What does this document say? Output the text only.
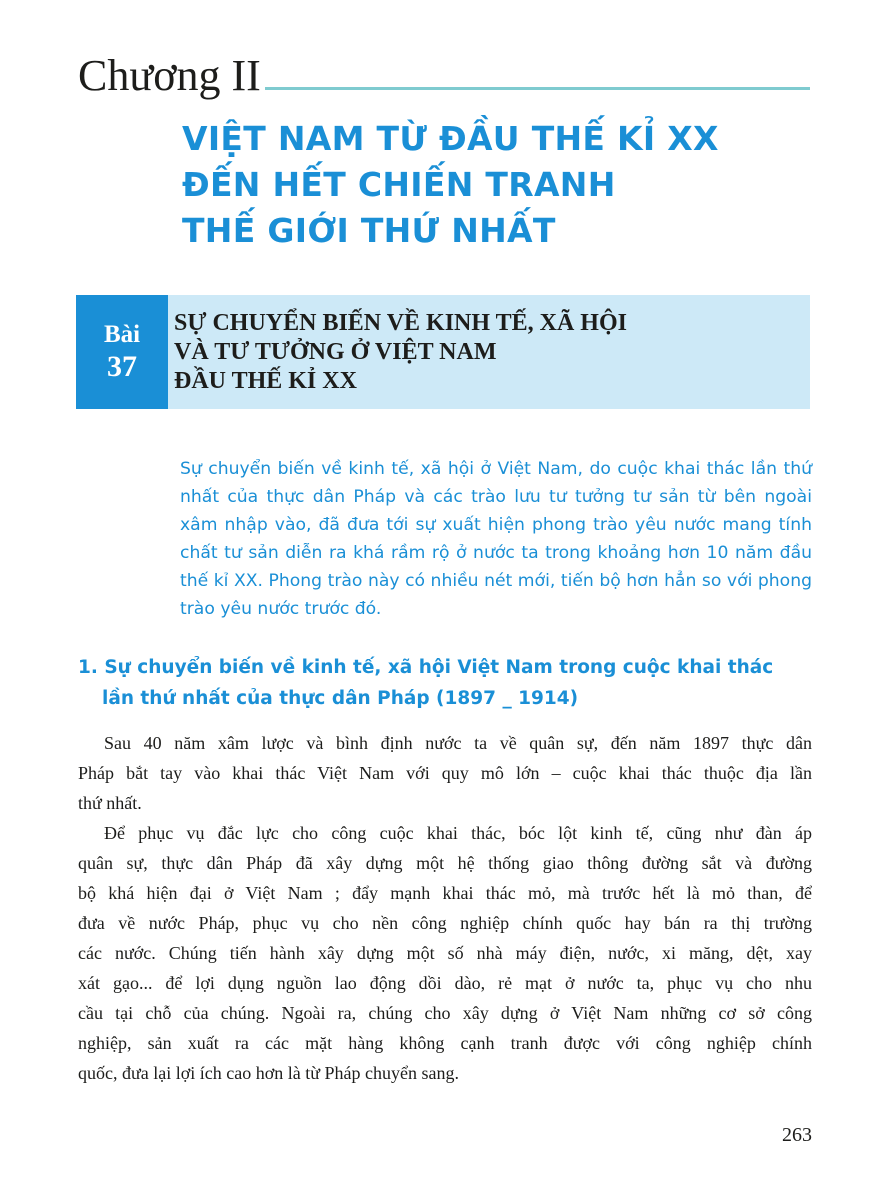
Chương II
VIỆT NAM TỪ ĐẦU THẾ KỈ XX
ĐẾN HẾT CHIẾN TRANH
THẾ GIỚI THỨ NHẤT
Bài
37
SỰ CHUYỂN BIẾN VỀ KINH TẾ, XÃ HỘI
VÀ TƯ TƯỞNG Ở VIỆT NAM
ĐẦU THẾ KỈ XX
Sự chuyển biến về kinh tế, xã hội ở Việt Nam, do cuộc khai thác lần thứ nhất của thực dân Pháp và các trào lưu tư tưởng tư sản từ bên ngoài xâm nhập vào, đã đưa tới sự xuất hiện phong trào yêu nước mang tính chất tư sản diễn ra khá rầm rộ ở nước ta trong khoảng hơn 10 năm đầu thế kỉ XX. Phong trào này có nhiều nét mới, tiến bộ hơn hẳn so với phong trào yêu nước trước đó.
1. Sự chuyển biến về kinh tế, xã hội Việt Nam trong cuộc khai thác
lần thứ nhất của thực dân Pháp (1897 _ 1914)
Sau 40 năm xâm lược và bình định nước ta về quân sự, đến năm 1897 thực dân
Pháp bắt tay vào khai thác Việt Nam với quy mô lớn – cuộc khai thác thuộc địa lần
thứ nhất.
Để phục vụ đắc lực cho công cuộc khai thác, bóc lột kinh tế, cũng như đàn áp
quân sự, thực dân Pháp đã xây dựng một hệ thống giao thông đường sắt và đường
bộ khá hiện đại ở Việt Nam ; đẩy mạnh khai thác mỏ, mà trước hết là mỏ than, để
đưa về nước Pháp, phục vụ cho nền công nghiệp chính quốc hay bán ra thị trường
các nước. Chúng tiến hành xây dựng một số nhà máy điện, nước, xi măng, dệt, xay
xát gạo... để lợi dụng nguồn lao động dồi dào, rẻ mạt ở nước ta, phục vụ cho nhu
cầu tại chỗ của chúng. Ngoài ra, chúng cho xây dựng ở Việt Nam những cơ sở công
nghiệp, sản xuất ra các mặt hàng không cạnh tranh được với công nghiệp chính
quốc, đưa lại lợi ích cao hơn là từ Pháp chuyển sang.
263
